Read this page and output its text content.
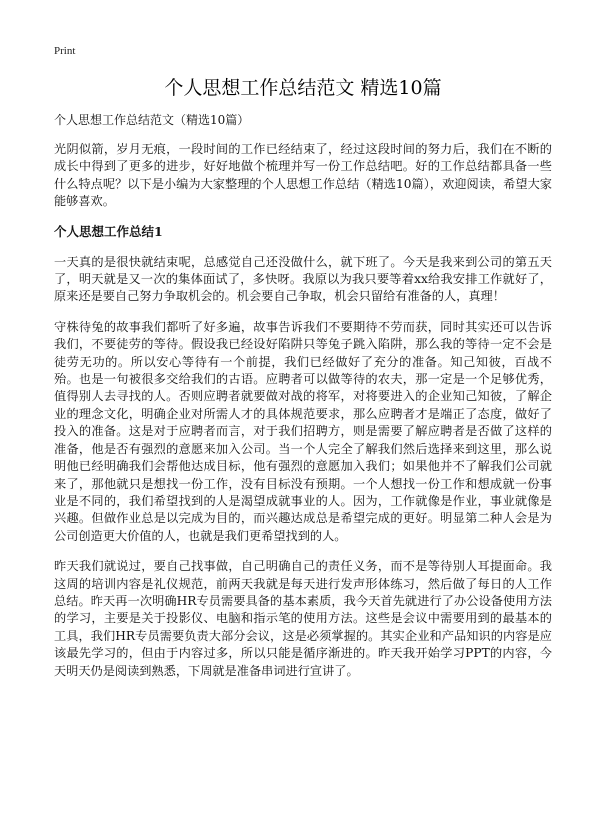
Print
个人思想工作总结范文 精选10篇
个人思想工作总结范文（精选10篇）

光阴似箭，岁月无痕，一段时间的工作已经结束了，经过这段时间的努力后，我们在不断的成长中得到了更多的进步，好好地做个梳理并写一份工作总结吧。好的工作总结都具备一些什么特点呢？以下是小编为大家整理的个人思想工作总结（精选10篇），欢迎阅读，希望大家能够喜欢。

个人思想工作总结1

一天真的是很快就结束呢，总感觉自己还没做什么，就下班了。今天是我来到公司的第五天了，明天就是又一次的集体面试了，多快呀。我原以为我只要等着xx给我安排工作就好了，原来还是要自己努力争取机会的。机会要自己争取，机会只留给有准备的人，真理！

守株待兔的故事我们都听了好多遍，故事告诉我们不要期待不劳而获，同时其实还可以告诉我们，不要徒劳的等待。假设我已经设好陷阱只等兔子跳入陷阱，那么我的等待一定不会是徒劳无功的。所以安心等待有一个前提，我们已经做好了充分的准备。知己知彼，百战不殆。也是一句被很多交给我们的古语。应聘者可以做等待的农夫，那一定是一个足够优秀，值得别人去寻找的人。否则应聘者就要做对战的将军，对将要进入的企业知己知彼，了解企业的理念文化，明确企业对所需人才的具体规范要求，那么应聘者才是端正了态度，做好了投入的准备。这是对于应聘者而言，对于我们招聘方，则是需要了解应聘者是否做了这样的准备，他是否有强烈的意愿来加入公司。当一个人完全了解我们然后选择来到这里，那么说明他已经明确我们会帮他达成目标，他有强烈的意愿加入我们；如果他并不了解我们公司就来了，那他就只是想找一份工作，没有目标没有预期。一个人想找一份工作和想成就一份事业是不同的，我们希望找到的人是渴望成就事业的人。因为，工作就像是作业，事业就像是兴趣。但做作业总是以完成为目的，而兴趣达成总是希望完成的更好。明显第二种人会是为公司创造更大价值的人，也就是我们更希望找到的人。

昨天我们就说过，要自己找事做，自己明确自己的责任义务，而不是等待别人耳提面命。我这周的培训内容是礼仪规范，前两天我就是每天进行发声形体练习，然后做了每日的人工作总结。昨天再一次明确HR专员需要具备的基本素质，我今天首先就进行了办公设备使用方法的学习，主要是关于投影仪、电脑和指示笔的使用方法。这些是会议中需要用到的最基本的工具，我们HR专员需要负责大部分会议，这是必须掌握的。其实企业和产品知识的内容是应该最先学习的，但由于内容过多，所以只能是循序渐进的。昨天我开始学习PPT的内容，今天明天仍是阅读到熟悉，下周就是准备串词进行宣讲了。
